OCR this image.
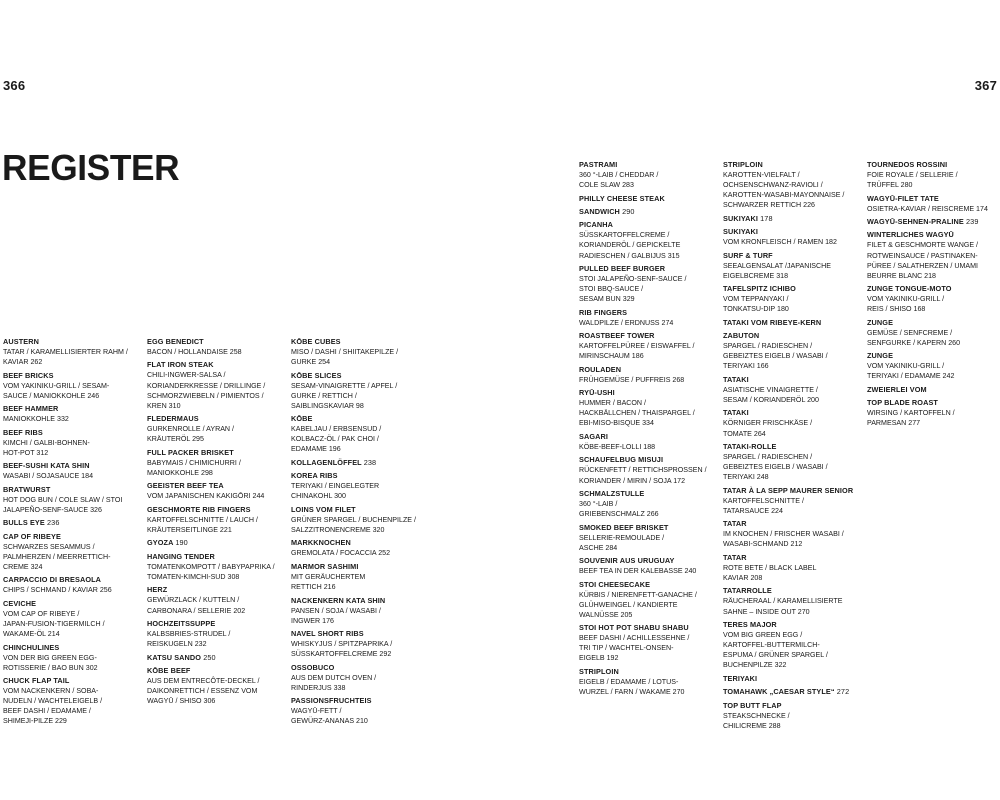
366	367
REGISTER
AUSTERN
TATAR / KARAMELLISIERTER RAHM /
KAVIAR 262
BEEF BRICKS
VOM YAKINIKU-GRILL / SESAM-
SAUCE / MANIOKKOHLE 246
BEEF HAMMER
MANIOKKOHLE 332
BEEF RIBS
KIMCHI / GALBI-BOHNEN-
HOT-POT 312
BEEF-SUSHI KATA SHIN
WASABI / SOJASAUCE 184
BRATWURST
HOT DOG BUN / COLE SLAW / STOI
JALAPEÑO-SENF-SAUCE 326
BULLS EYE 236
CAP OF RIBEYE
SCHWARZES SESAMMUS /
PALMHERZEN / MEERRETTICH-
CREME 324
CARPACCIO DI BRESAOLA
CHIPS / SCHMAND / KAVIAR 256
CEVICHE
VOM CAP OF RIBEYE /
JAPAN-FUSION-TIGERMILCH /
WAKAME-ÖL 214
CHINCHULINES
VON DER BIG GREEN EGG-
ROTISSERIE / BAO BUN 302
CHUCK FLAP TAIL
VOM NACKENKERN / SOBA-
NUDELN / WACHTELEIGELB /
BEEF DASHI / EDAMAME /
SHIMEJI-PILZE 229
EGG BENEDICT
BACON / HOLLANDAISE 258
FLAT IRON STEAK
CHILI-INGWER-SALSA /
KORIANDERKRESSE / DRILLINGE /
SCHMORZWIEBELN / PIMIENTOS /
KREN 310
FLEDERMAUS
GURKENROLLE / AYRAN /
KRÄUTERÖL 295
FULL PACKER BRISKET
BABYMAIS / CHIMICHURRI /
MANIOKKOHLE 298
GEEISTER BEEF TEA
VOM JAPANISCHEN KAKIGŌRI 244
GESCHMORTE RIB FINGERS
KARTOFFELSCHNITTE / LAUCH /
KRÄUTERSEITLINGE 221
GYOZA 190
HANGING TENDER
TOMATENKOMPOTT / BABYPAPRIKA /
TOMATEN-KIMCHI-SUD 308
HERZ
GEWÜRZLACK / KUTTELN /
CARBONARA / SELLERIE 202
HOCHZEITSSUPPE
KALBSBRIES-STRUDEL /
REISKUGELN 232
KATSU SANDO 250
KŌBE BEEF
AUS DEM ENTRECÔTE-DECKEL /
DAIKONRETTICH / ESSENZ VOM
WAGYŪ / SHISO 306
KŌBE CUBES
MISO / DASHI / SHIITAKEPILZE /
GURKE 254
KŌBE SLICES
SESAM-VINAIGRETTE / APFEL /
GURKE / RETTICH /
SAIBLINGSKAVIAR 98
KŌBE
KABELJAU / ERBSENSUD /
KOLBACZ-ÖL / PAK CHOI /
EDAMAME 196
KOLLAGENLÖFFEL 238
KOREA RIBS
TERIYAKI / EINGELEGTER
CHINAKOHL 300
LOINS VOM FILET
GRÜNER SPARGEL / BUCHENPILZE /
SALZZITRONENCREME 320
MARKKNOCHEN
GREMOLATA / FOCACCIA 252
MARMOR SASHIMI
MIT GERÄUCHERTEM
RETTICH 216
NACKENKERN KATA SHIN
PANSEN / SOJA / WASABI /
INGWER 176
NAVEL SHORT RIBS
WHISKYJUS / SPITZPAPRIKA /
SÜSSKARTOFFELCREME 292
OSSOBUCO
AUS DEM DUTCH OVEN /
RINDERJUS 338
PASSIONSFRUCHTEIS
WAGYŪ-FETT /
GEWÜRZ-ANANAS 210
PASTRAMI
360 °-LAIB / CHEDDAR /
COLE SLAW 283
PHILLY CHEESE STEAK
SANDWICH 290
PICANHA
SÜSSKARTOFFELCREME /
KORIANDERÖL / GEPICKELTE
RADIESCHEN / GALBIJUS 315
PULLED BEEF BURGER
STOI JALAPEÑO-SENF-SAUCE /
STOI BBQ-SAUCE /
SESAM BUN 329
RIB FINGERS
WALDPILZE / ERDNUSS 274
ROASTBEEF TOWER
KARTOFFELPÜREE / EISWAFFEL /
MIRINSCHAUM 186
ROULADEN
FRÜHGEMÜSE / PUFFREIS 268
RYŪ-USHI
HUMMER / BACON /
HACKBÄLLCHEN / THAISPARGEL /
EBI-MISO-BISQUE 334
SAGARI
KÖBE-BEEF-LOLLI 188
SCHAUFELBUG MISUJI
RÜCKENFETT / RETTICHSPROSSEN /
KORIANDER / MIRIN / SOJA 172
SCHMALZSTULLE
360 °-LAIB /
GRIEBENSCHMALZ 266
SMOKED BEEF BRISKET
SELLERIE-REMOULADE /
ASCHE 284
SOUVENIR AUS URUGUAY
BEEF TEA IN DER KALEBASSE 240
STOI CHEESECAKE
KÜRBIS / NIERENFETT-GANACHE /
GLÜHWEINGEL / KANDIERTE
WALNÜSSE 205
STOI HOT POT SHABU SHABU
BEEF DASHI / ACHILLESSEHNE /
TRI TIP / WACHTEL-ONSEN-
EIGELB 192
STRIPLOIN
EIGELB / EDAMAME / LOTUS-
WURZEL / FARN / WAKAME 270
STRIPLOIN
KAROTTEN-VIELFALT /
OCHSENSCHWANZ-RAVIOLI /
KAROTTEN-WASABI-MAYONNAISE /
SCHWARZER RETTICH 226
SUKIYAKI 178
SUKIYAKI
VOM KRONFLEISCH / RAMEN 182
SURF & TURF
SEEALGENSALAT /JAPANISCHE
EIGELBCREME 318
TAFELSPITZ ICHIBO
VOM TEPPANYAKI /
TONKATSU-DIP 180
TATAKI VOM RIBEYE-KERN
ZABUTON
SPARGEL / RADIESCHEN /
GEBEIZTES EIGELB / WASABI /
TERIYAKI 166
TATAKI
ASIATISCHE VINAIGRETTE /
SESAM / KORIANDERÖL 200
TATAKI
KÖRNIGER FRISCHKÄSE /
TOMATE 264
TATAKI-ROLLE
SPARGEL / RADIESCHEN /
GEBEIZTES EIGELB / WASABI /
TERIYAKI 248
TATAR À LA SEPP MAURER SENIOR
KARTOFFELSCHNITTE /
TATARSAUCE 224
TATAR
IM KNOCHEN / FRISCHER WASABI /
WASABI-SCHMAND 212
TATAR
ROTE BETE / BLACK LABEL
KAVIAR 208
TATARROLLE
RÄUCHERAAL / KARAMELLISIERTE
SAHNE – INSIDE OUT 270
TERES MAJOR
VOM BIG GREEN EGG /
KARTOFFEL-BUTTERMILCH-
ESPUMA / GRÜNER SPARGEL /
BUCHENPILZE 322
TERIYAKI
TOMAHAWK „CAESAR STYLE“ 272
TOP BUTT FLAP
STEAKSCHNECKE /
CHILICREME 288
TOURNEDOS ROSSINI
FOIE ROYALE / SELLERIE /
TRÜFFEL 280
WAGYŪ-FILET TATE
OSIETRA-KAVIAR / REISCREME 174
WAGYŪ-SEHNEN-PRALINE 239
WINTERLICHES WAGYŪ
FILET & GESCHMORTE WANGE /
ROTWEINSAUCE / PASTINAKEN-
PÜREE / SALATHERZEN / UMAMI
BEURRE BLANC 218
ZUNGE TONGUE-MOTO
VOM YAKINIKU-GRILL /
REIS / SHISO 168
ZUNGE
GEMÜSE / SENFCREME /
SENFGURKE / KAPERN 260
ZUNGE
VOM YAKINIKU-GRILL /
TERIYAKI / EDAMAME 242
ZWEIERLEI VOM
TOP BLADE ROAST
WIRSING / KARTOFFELN /
PARMESAN 277
